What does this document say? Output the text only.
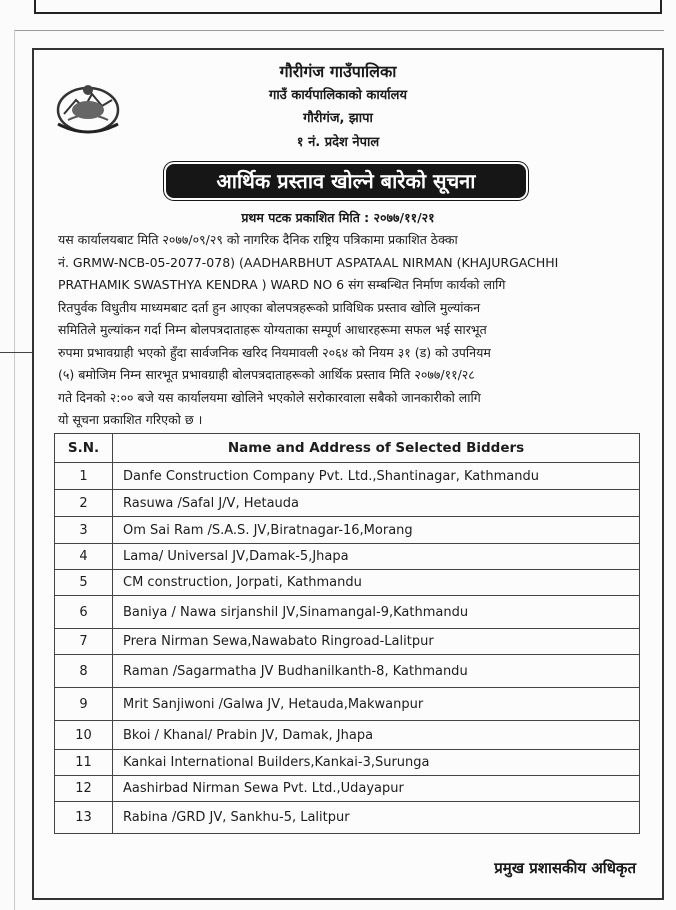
गौरीगंज गाउँपालिका
गाउँ कार्यपालिकाको कार्यालय
गौरीगंज, झापा
१ नं. प्रदेश नेपाल
आर्थिक प्रस्ताव खोल्ने बारेको सूचना
प्रथम पटक प्रकाशित मिति : २०७७/११/२१

यस कार्यालयबाट मिति २०७७/०९/२९ को नागरिक दैनिक राष्ट्रिय पत्रिकामा प्रकाशित ठेक्का
नं. GRMW-NCB-05-2077-078) (AADHARBHUT ASPATAAL NIRMAN (KHAJURGACHHI
PRATHAMIK SWASTHYA KENDRA ) WARD NO 6 संग सम्बन्धित निर्माण कार्यको लागि
रितपुर्वक विधुतीय माध्यमबाट दर्ता हुन आएका बोलपत्रहरूको प्राविधिक प्रस्ताव खोलि मुल्यांकन
समितिले मुल्यांकन गर्दा निम्न बोलपत्रदाताहरू योग्यताका सम्पूर्ण आधारहरूमा सफल भई सारभूत
रुपमा प्रभावग्राही भएको हुँदा सार्वजनिक खरिद नियमावली २०६४ को नियम ३१ (ड) को उपनियम
(५) बमोजिम निम्न सारभूत प्रभावग्राही बोलपत्रदाताहरूको आर्थिक प्रस्ताव मिति २०७७/११/२८
गते दिनको २:०० बजे यस कार्यालयमा खोलिने भएकोले सरोकारवाला सबैको जानकारीको लागि
यो सूचना प्रकाशित गरिएको छ ।

S.N.	Name and Address of Selected Bidders
1	Danfe Construction Company Pvt. Ltd.,Shantinagar, Kathmandu
2	Rasuwa /Safal J/V, Hetauda
3	Om Sai Ram /S.A.S. JV,Biratnagar-16,Morang
4	Lama/ Universal JV,Damak-5,Jhapa
5	CM construction, Jorpati, Kathmandu
6	Baniya / Nawa sirjanshil JV,Sinamangal-9,Kathmandu
7	Prera Nirman Sewa,Nawabato Ringroad-Lalitpur
8	Raman /Sagarmatha JV Budhanilkanth-8, Kathmandu
9	Mrit Sanjiwoni /Galwa JV, Hetauda,Makwanpur
10	Bkoi / Khanal/ Prabin JV, Damak, Jhapa
11	Kankai International Builders,Kankai-3,Surunga
12	Aashirbad Nirman Sewa Pvt. Ltd.,Udayapur
13	Rabina /GRD JV, Sankhu-5, Lalitpur
प्रमुख प्रशासकीय अधिकृत
